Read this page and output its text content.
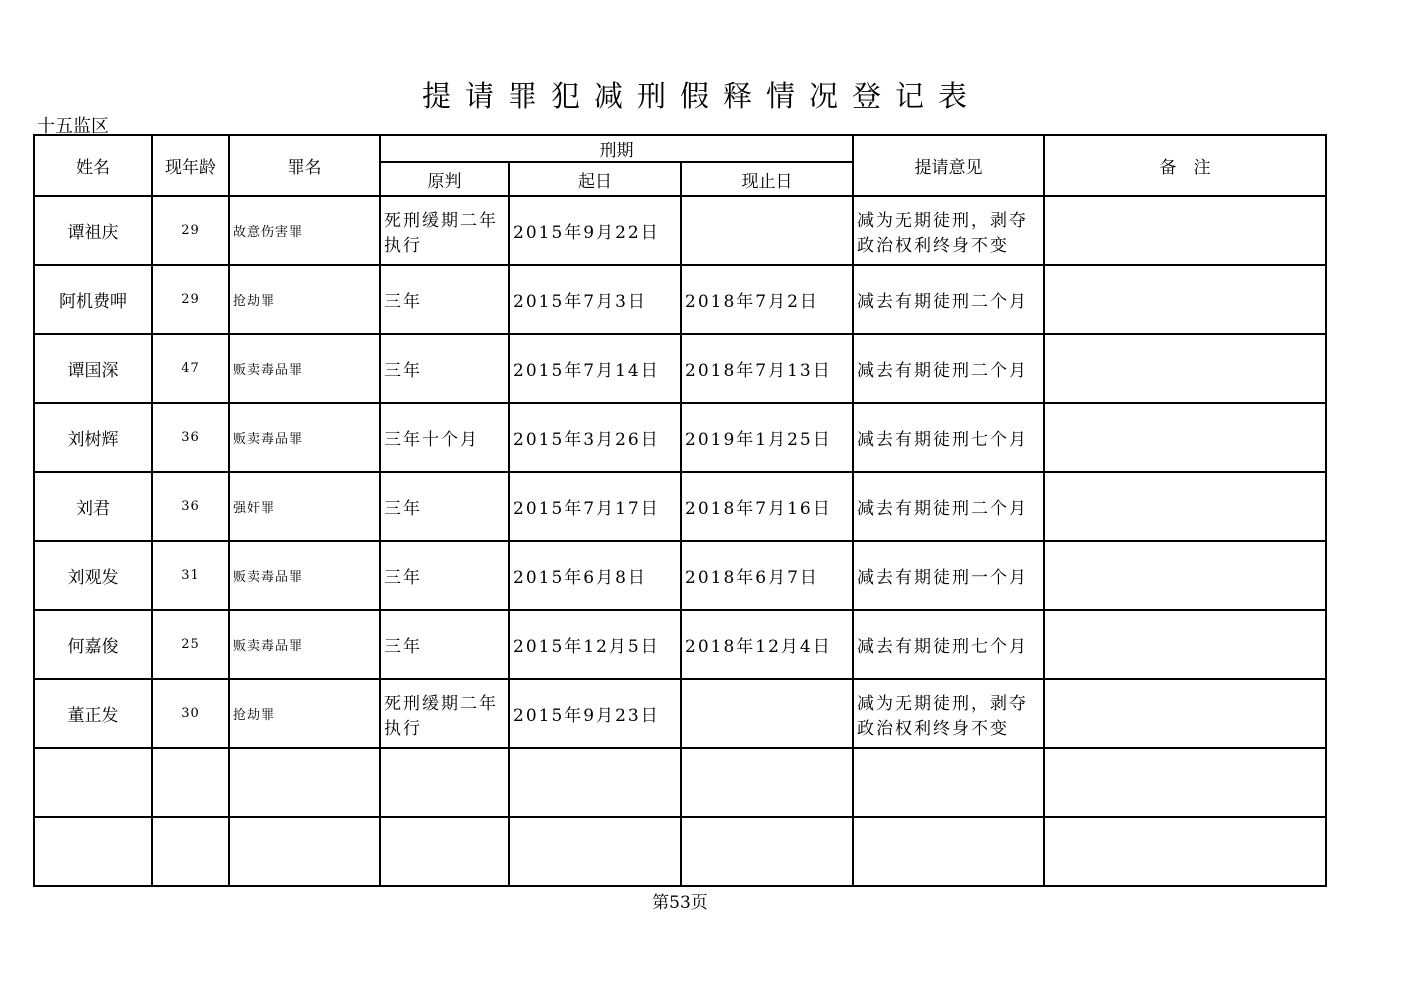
提请罪犯减刑假释情况登记表
十五监区
姓名	现年龄	罪名	刑期			提请意见	备　注
			原判	起日	现止日		
谭祖庆	29	故意伤害罪	死刑缓期二年执行	2015年9月22日		减为无期徒刑，剥夺政治权利终身不变	
阿机费呷	29	抢劫罪	三年	2015年7月3日	2018年7月2日	减去有期徒刑二个月	
谭国深	47	贩卖毒品罪	三年	2015年7月14日	2018年7月13日	减去有期徒刑二个月	
刘树辉	36	贩卖毒品罪	三年十个月	2015年3月26日	2019年1月25日	减去有期徒刑七个月	
刘君	36	强奸罪	三年	2015年7月17日	2018年7月16日	减去有期徒刑二个月	
刘观发	31	贩卖毒品罪	三年	2015年6月8日	2018年6月7日	减去有期徒刑一个月	
何嘉俊	25	贩卖毒品罪	三年	2015年12月5日	2018年12月4日	减去有期徒刑七个月	
董正发	30	抢劫罪	死刑缓期二年执行	2015年9月23日		减为无期徒刑，剥夺政治权利终身不变	

第53页
